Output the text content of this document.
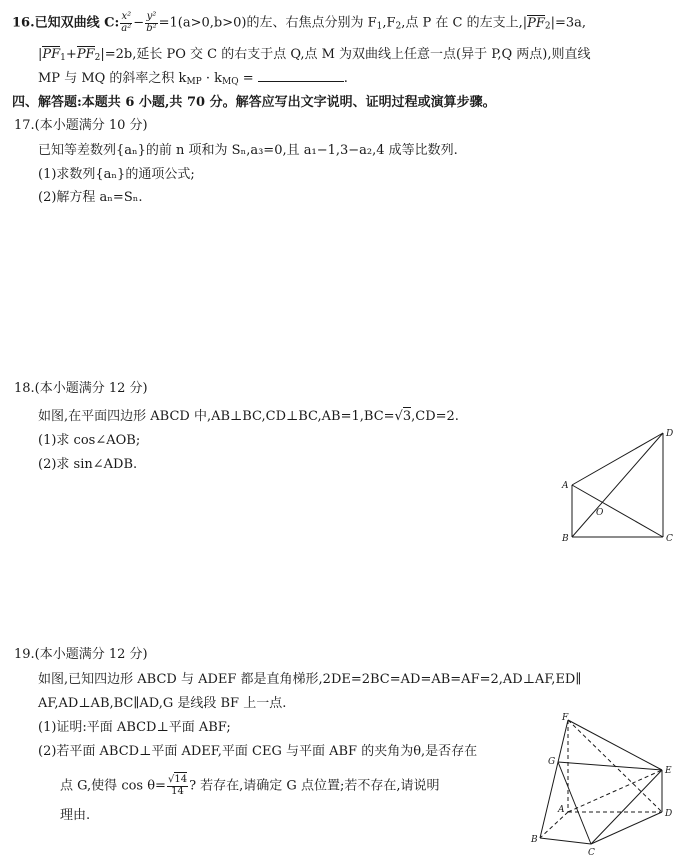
16.已知双曲线 C: $\frac{\text{x²}}{\text{a²}} - \frac{\text{y²}}{\text{b²}} =1(a>0,b>0)$的左、右焦点分别为 $F_1,F_2$,点 P 在 C 的左支上$,|PF_2|=3a$,
$|PF_1+PF_2|=2b$,延长 PO 交 C 的右支于点 Q,点 M 为双曲线上任意一点(异于 P,Q 两点),则直线
MP 与 MQ 的斜率之积 $k_{MP} \cdot k_{MQ}$ =	.
四、解答题:本题共 6 小题,共 70 分。解答应写出文字说明、证明过程或演算步骤。
17.(本小题满分 10 分)
已知等差数列{aₙ}的前 n 项和为 Sₙ,a₃=0,且 a₁−1,3−a₂,4 成等比数列.
(1)求数列{aₙ}的通项公式;
(2)解方程 aₙ=Sₙ.
18.(本小题满分 12 分)
如图,在平面四边形 ABCD 中,AB⊥BC,CD⊥BC,AB=1,BC=√3,CD=2.
(1)求 cos∠AOB;
(2)求 sin∠ADB.
A
B	C
D
O
19.(本小题满分 12 分)
如图,已知四边形 ABCD 与 ADEF 都是直角梯形,2DE=2BC=AD=AB=AF=2,AD⊥AF,ED∥
AF,AD⊥AB,BC∥AD,G 是线段 BF 上一点.
(1)证明:平面 ABCD⊥平面 ABF;
(2)若平面 ABCD⊥平面 ADEF,平面 CEG 与平面 ABF 的夹角为θ,是否存在
点 G,使得 $\cos \theta= \frac{√14}{14}$ ? 若存在,请确定 G 点位置;若不存在,请说明
理由.
F
G
E
A	D
B
C
